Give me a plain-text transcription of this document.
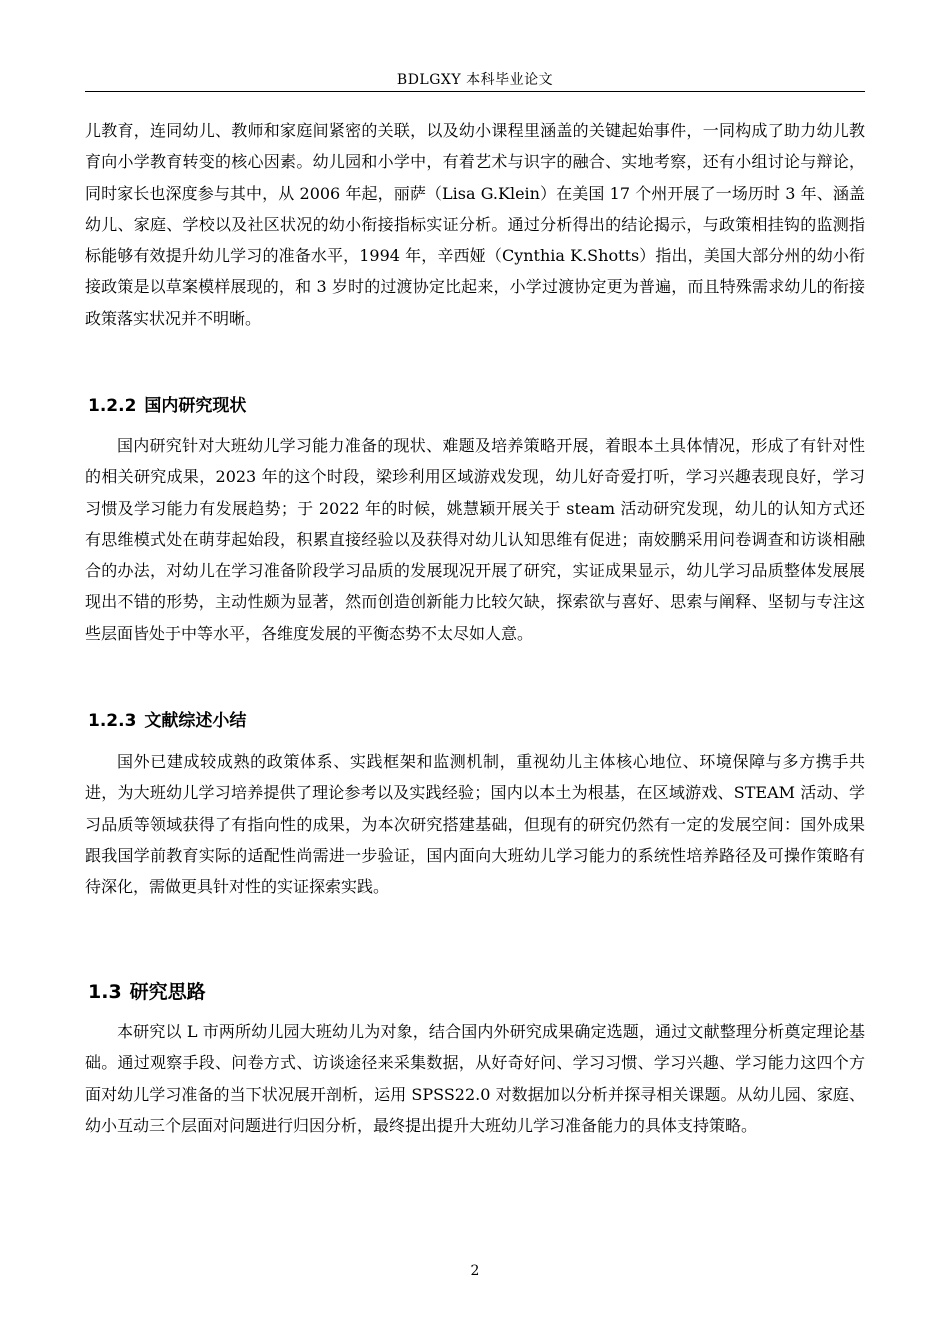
BDLGXY 本科毕业论文

儿教育，连同幼儿、教师和家庭间紧密的关联，以及幼小课程里涵盖的关键起始事件，一同构成了助力幼儿教育向小学教育转变的核心因素。幼儿园和小学中，有着艺术与识字的融合、实地考察，还有小组讨论与辩论，同时家长也深度参与其中，从 2006 年起，丽萨（Lisa G.Klein）在美国 17 个州开展了一场历时 3 年、涵盖幼儿、家庭、学校以及社区状况的幼小衔接指标实证分析。通过分析得出的结论揭示，与政策相挂钩的监测指标能够有效提升幼儿学习的准备水平，1994 年，辛西娅（Cynthia K.Shotts）指出，美国大部分州的幼小衔接政策是以草案模样展现的，和 3 岁时的过渡协定比起来，小学过渡协定更为普遍，而且特殊需求幼儿的衔接政策落实状况并不明晰。

1.2.2 国内研究现状

国内研究针对大班幼儿学习能力准备的现状、难题及培养策略开展，着眼本土具体情况，形成了有针对性的相关研究成果，2023 年的这个时段，梁珍利用区域游戏发现，幼儿好奇爱打听，学习兴趣表现良好，学习习惯及学习能力有发展趋势；于 2022 年的时候，姚慧颖开展关于 steam 活动研究发现，幼儿的认知方式还有思维模式处在萌芽起始段，积累直接经验以及获得对幼儿认知思维有促进；南姣鹏采用问卷调查和访谈相融合的办法，对幼儿在学习准备阶段学习品质的发展现况开展了研究，实证成果显示，幼儿学习品质整体发展展现出不错的形势，主动性颇为显著，然而创造创新能力比较欠缺，探索欲与喜好、思索与阐释、坚韧与专注这些层面皆处于中等水平，各维度发展的平衡态势不太尽如人意。

1.2.3 文献综述小结

国外已建成较成熟的政策体系、实践框架和监测机制，重视幼儿主体核心地位、环境保障与多方携手共进，为大班幼儿学习培养提供了理论参考以及实践经验；国内以本土为根基，在区域游戏、STEAM 活动、学习品质等领域获得了有指向性的成果，为本次研究搭建基础，但现有的研究仍然有一定的发展空间：国外成果跟我国学前教育实际的适配性尚需进一步验证，国内面向大班幼儿学习能力的系统性培养路径及可操作策略有待深化，需做更具针对性的实证探索实践。

1.3 研究思路

本研究以 L 市两所幼儿园大班幼儿为对象，结合国内外研究成果确定选题，通过文献整理分析奠定理论基础。通过观察手段、问卷方式、访谈途径来采集数据，从好奇好问、学习习惯、学习兴趣、学习能力这四个方面对幼儿学习准备的当下状况展开剖析，运用 SPSS22.0 对数据加以分析并探寻相关课题。从幼儿园、家庭、幼小互动三个层面对问题进行归因分析，最终提出提升大班幼儿学习准备能力的具体支持策略。

2
